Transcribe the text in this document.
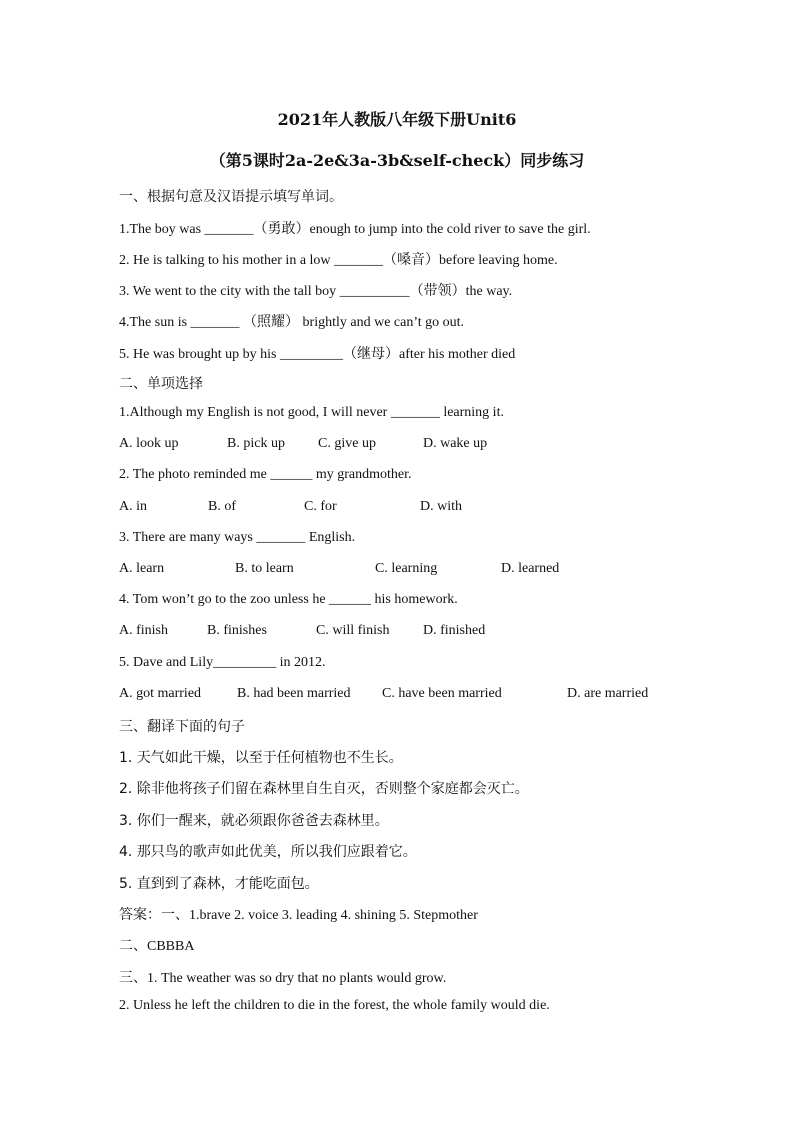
2021年人教版八年级下册Unit6
（第5课时2a-2e&3a-3b&self-check）同步练习
一、根据句意及汉语提示填写单词。
1.The boy was _______（勇敢）enough to jump into the cold river to save the girl.
2. He is talking to his mother in a low _______（嗓音）before leaving home.
3. We went to the city with the tall boy __________（带领）the way.
4.The sun is _______ （照耀） brightly and we can’t go out.
5. He was brought up by his _________（继母）after his mother died
二、单项选择
1.Although my English is not good, I will never _______ learning it.
A. look up	B. pick up C. give up	D. wake up
2. The photo reminded me ______ my grandmother.
A. in	B. of	C. for	D. with
3. There are many ways _______ English.
A. learn	B. to learn	C. learning	D. learned
4. Tom won’t go to the zoo unless he ______ his homework.
A. finish	B. finishes	C. will finish D. finished
5. Dave and Lily_________ in 2012.
A. got married	B. had been married C. have been married	D. are married
三、翻译下面的句子
1. 天气如此干燥，以至于任何植物也不生长。
2. 除非他将孩子们留在森林里自生自灭，否则整个家庭都会灭亡。
3. 你们一醒来，就必须跟你爸爸去森林里。
4. 那只鸟的歌声如此优美，所以我们应跟着它。
5. 直到到了森林，才能吃面包。
答案：一、1.brave 2. voice 3. leading 4. shining 5. Stepmother
二、CBBBA
三、1. The weather was so dry that no plants would grow.
2. Unless he left the children to die in the forest, the whole family would die.
